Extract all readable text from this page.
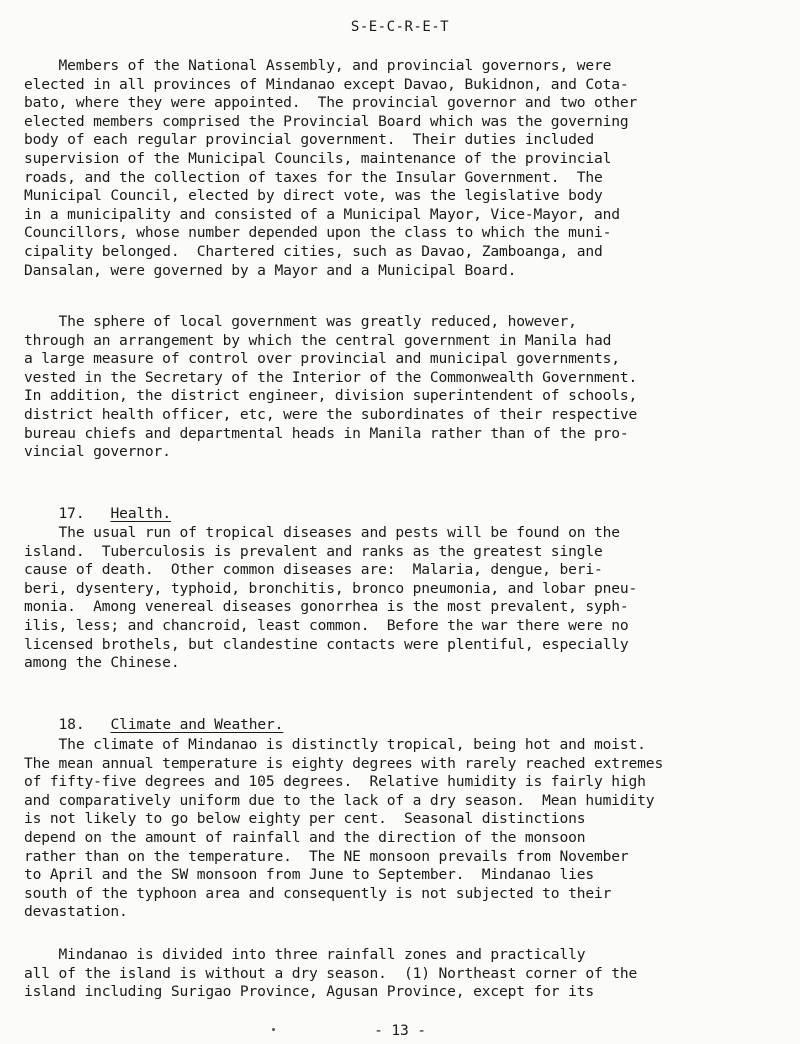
S-E-C-R-E-T
Members of the National Assembly, and provincial governors, were
elected in all provinces of Mindanao except Davao, Bukidnon, and Cota-
bato, where they were appointed.  The provincial governor and two other
elected members comprised the Provincial Board which was the governing
body of each regular provincial government.  Their duties included
supervision of the Municipal Councils, maintenance of the provincial
roads, and the collection of taxes for the Insular Government.  The
Municipal Council, elected by direct vote, was the legislative body
in a municipality and consisted of a Municipal Mayor, Vice-Mayor, and
Councillors, whose number depended upon the class to which the muni-
cipality belonged.  Chartered cities, such as Davao, Zamboanga, and
Dansalan, were governed by a Mayor and a Municipal Board.
The sphere of local government was greatly reduced, however,
through an arrangement by which the central government in Manila had
a large measure of control over provincial and municipal governments,
vested in the Secretary of the Interior of the Commonwealth Government.
In addition, the district engineer, division superintendent of schools,
district health officer, etc, were the subordinates of their respective
bureau chiefs and departmental heads in Manila rather than of the pro-
vincial governor.

17. Health.

The usual run of tropical diseases and pests will be found on the
island.  Tuberculosis is prevalent and ranks as the greatest single
cause of death.  Other common diseases are:  Malaria, dengue, beri-
beri, dysentery, typhoid, bronchitis, bronco pneumonia, and lobar pneu-
monia.  Among venereal diseases gonorrhea is the most prevalent, syph-
ilis, less; and chancroid, least common.  Before the war there were no
licensed brothels, but clandestine contacts were plentiful, especially
among the Chinese.

18. Climate and Weather.

The climate of Mindanao is distinctly tropical, being hot and moist.
The mean annual temperature is eighty degrees with rarely reached extremes
of fifty-five degrees and 105 degrees.  Relative humidity is fairly high
and comparatively uniform due to the lack of a dry season.  Mean humidity
is not likely to go below eighty per cent.  Seasonal distinctions
depend on the amount of rainfall and the direction of the monsoon
rather than on the temperature.  The NE monsoon prevails from November
to April and the SW monsoon from June to September.  Mindanao lies
south of the typhoon area and consequently is not subjected to their
devastation.
Mindanao is divided into three rainfall zones and practically
all of the island is without a dry season.  (1) Northeast corner of the
island including Surigao Province, Agusan Province, except for its
- 13 -
